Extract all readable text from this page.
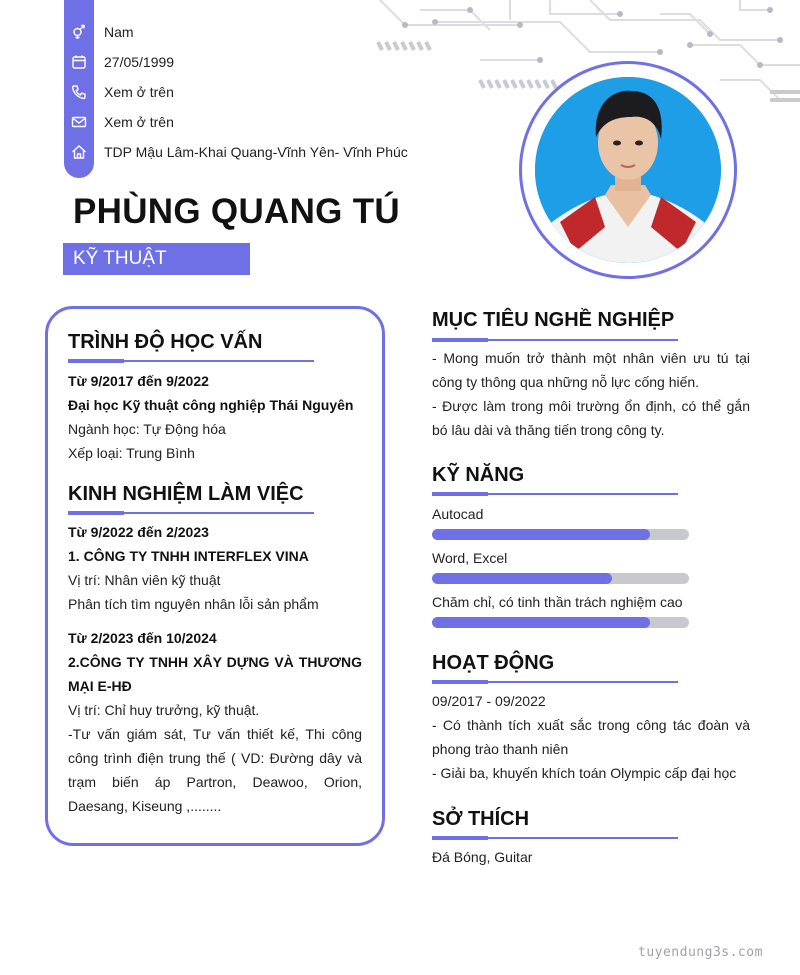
Nam
27/05/1999
Xem ở trên
Xem ở trên
TDP Mậu Lâm-Khai Quang-Vĩnh Yên- Vĩnh Phúc
PHÙNG QUANG TÚ
KỸ THUẬT
TRÌNH ĐỘ HỌC VẤN
Từ 9/2017 đến 9/2022
Đại học Kỹ thuật công nghiệp Thái Nguyên
Ngành học: Tự Động hóa
Xếp loại: Trung Bình
KINH NGHIỆM LÀM VIỆC
Từ 9/2022 đến 2/2023
1. CÔNG TY TNHH INTERFLEX VINA
Vị trí: Nhân viên kỹ thuật
Phân tích tìm nguyên nhân lỗi sản phẩm
Từ 2/2023 đến 10/2024
2.CÔNG TY TNHH XÂY DỰNG VÀ THƯƠNG MẠI E-HĐ
Vị trí: Chỉ huy trưởng, kỹ thuật.
-Tư vấn giám sát, Tư vấn thiết kế, Thi công công trình điện trung thế ( VD: Đường dây và trạm biến áp Partron, Deawoo, Orion, Daesang, Kiseung ,........
MỤC TIÊU NGHỀ NGHIỆP
- Mong muốn trở thành một nhân viên ưu tú tại công ty thông qua những nỗ lực cống hiến.
- Được làm trong môi trường ổn định, có thể gắn bó lâu dài và thăng tiến trong công ty.
KỸ NĂNG
Autocad
Word, Excel
Chăm chỉ, có tinh thần trách nghiệm cao
HOẠT ĐỘNG
09/2017 - 09/2022
- Có thành tích xuất sắc trong công tác đoàn và phong trào thanh niên
- Giải ba, khuyến khích toán Olympic cấp đại học
SỞ THÍCH
Đá Bóng, Guitar
tuyendung3s.com
